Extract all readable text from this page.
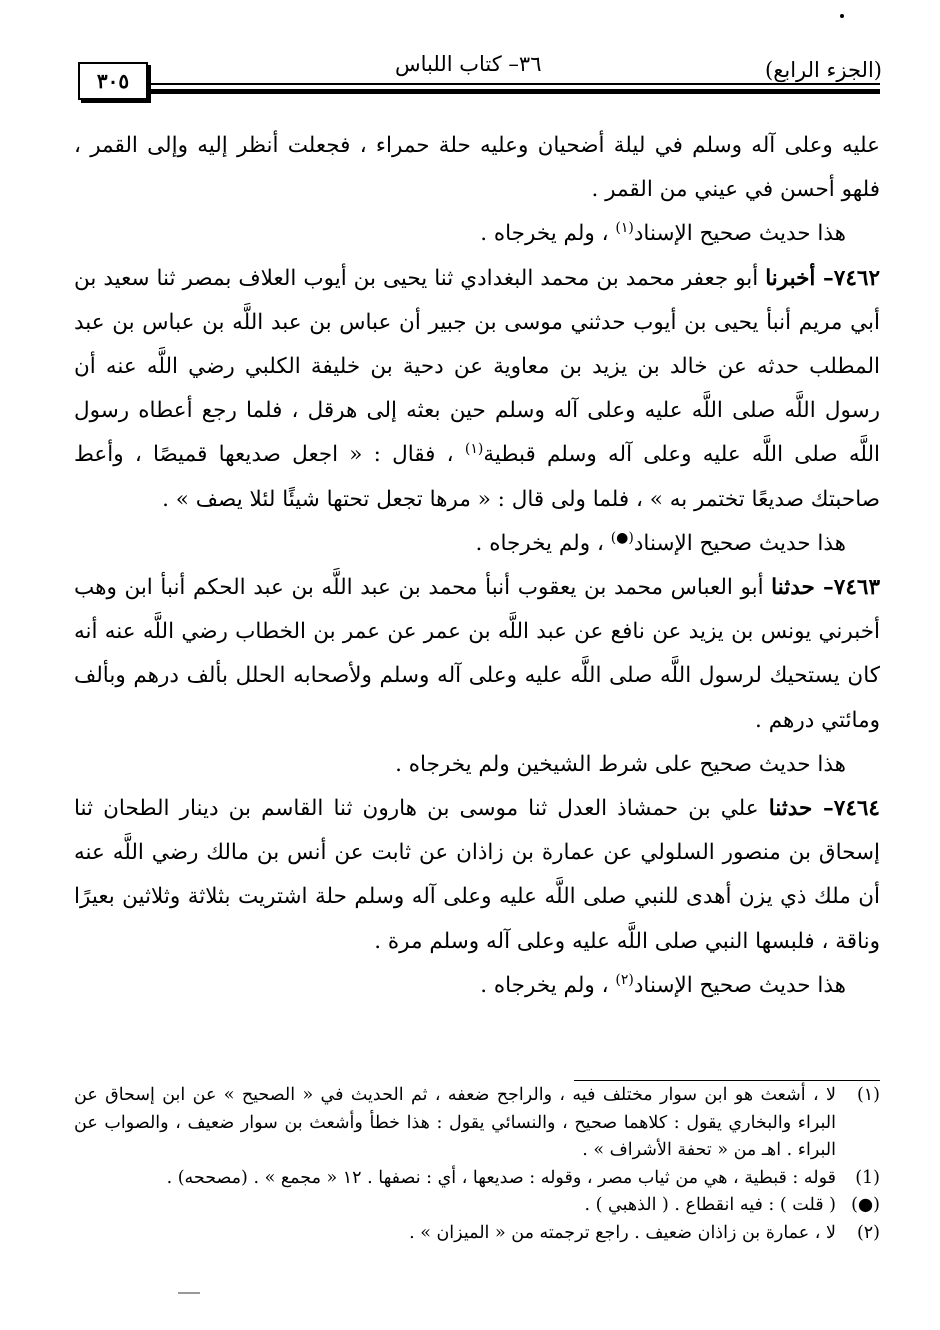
(الجزء الرابع)
٣٦– كتاب اللباس
٣٠٥

عليه وعلى آله وسلم في ليلة أضحيان وعليه حلة حمراء ، فجعلت أنظر إليه وإلى القمر ، فلهو أحسن في عيني من القمر .

هذا حديث صحيح الإسناد$^{(١)}$ ، ولم يخرجاه .

٧٤٦٢– أخبرنا أبو جعفر محمد بن محمد البغدادي ثنا يحيى بن أيوب العلاف بمصر ثنا سعيد بن أبي مريم أنبأ يحيى بن أيوب حدثني موسى بن جبير أن عباس بن عبد اللَّه بن عباس بن عبد المطلب حدثه عن خالد بن يزيد بن معاوية عن دحية بن خليفة الكلبي رضي اللَّه عنه أن رسول اللَّه صلى اللَّه عليه وعلى آله وسلم حين بعثه إلى هرقل ، فلما رجع أعطاه رسول اللَّه صلى اللَّه عليه وعلى آله وسلم قبطية$^{(١)}$ ، فقال : « اجعل صديعها قميصًا ، وأعط صاحبتك صديعًا تختمر به » ، فلما ولى قال : « مرها تجعل تحتها شيئًا لئلا يصف » .

هذا حديث صحيح الإسناد(●) ، ولم يخرجاه .

٧٤٦٣– حدثنا أبو العباس محمد بن يعقوب أنبأ محمد بن عبد اللَّه بن عبد الحكم أنبأ ابن وهب أخبرني يونس بن يزيد عن نافع عن عبد اللَّه بن عمر عن عمر بن الخطاب رضي اللَّه عنه أنه كان يستحيك لرسول اللَّه صلى اللَّه عليه وعلى آله وسلم ولأصحابه الحلل بألف درهم وبألف ومائتي درهم .

هذا حديث صحيح على شرط الشيخين ولم يخرجاه .

٧٤٦٤– حدثنا علي بن حمشاذ العدل ثنا موسى بن هارون ثنا القاسم بن دينار الطحان ثنا إسحاق بن منصور السلولي عن عمارة بن زاذان عن ثابت عن أنس بن مالك رضي اللَّه عنه أن ملك ذي يزن أهدى للنبي صلى اللَّه عليه وعلى آله وسلم حلة اشتريت بثلاثة وثلاثين بعيرًا وناقة ، فلبسها النبي صلى اللَّه عليه وعلى آله وسلم مرة .

هذا حديث صحيح الإسناد$^{(٢)}$ ، ولم يخرجاه .

(١)
لا ، أشعث هو ابن سوار مختلف فيه ، والراجح ضعفه ، ثم الحديث في « الصحيح » عن ابن إسحاق عن البراء والبخاري يقول : كلاهما صحيح ، والنسائي يقول : هذا خطأ وأشعث بن سوار ضعيف ، والصواب عن البراء . اهـ من « تحفة الأشراف » .

(1)
قوله : قبطية ، هي من ثياب مصر ، وقوله : صديعها ، أي : نصفها . ١٢ « مجمع » . (مصححه) .

(●)
( قلت ) : فيه انقطاع . ( الذهبي ) .

(٢)
لا ، عمارة بن زاذان ضعيف . راجع ترجمته من « الميزان » .
